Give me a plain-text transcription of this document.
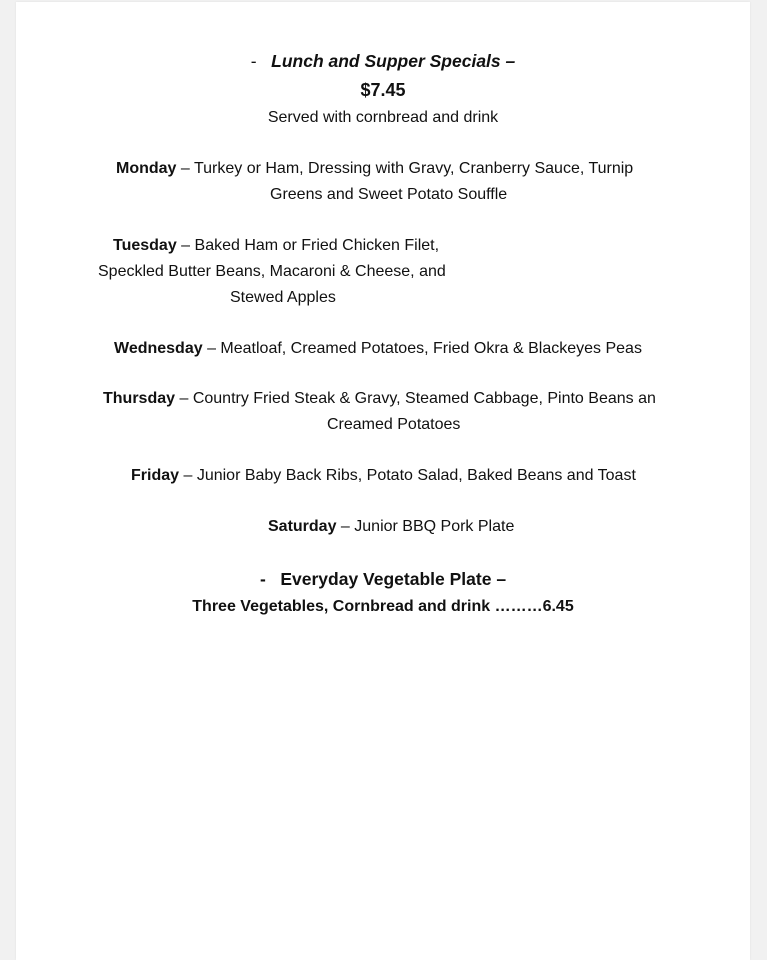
- Lunch and Supper Specials –

$7.45

Served with cornbread and drink

Monday – Turkey or Ham, Dressing with Gravy, Cranberry Sauce, Turnip

Greens and Sweet Potato Souffle

Tuesday – Baked Ham or Fried Chicken Filet,

Speckled Butter Beans, Macaroni & Cheese, and

Stewed Apples

Wednesday – Meatloaf, Creamed Potatoes, Fried Okra & Blackeyes Peas

Thursday – Country Fried Steak & Gravy, Steamed Cabbage, Pinto Beans an

Creamed Potatoes

Friday – Junior Baby Back Ribs, Potato Salad, Baked Beans and Toast

Saturday – Junior BBQ Pork Plate

- Everyday Vegetable Plate –

Three Vegetables, Cornbread and drink ………6.45
